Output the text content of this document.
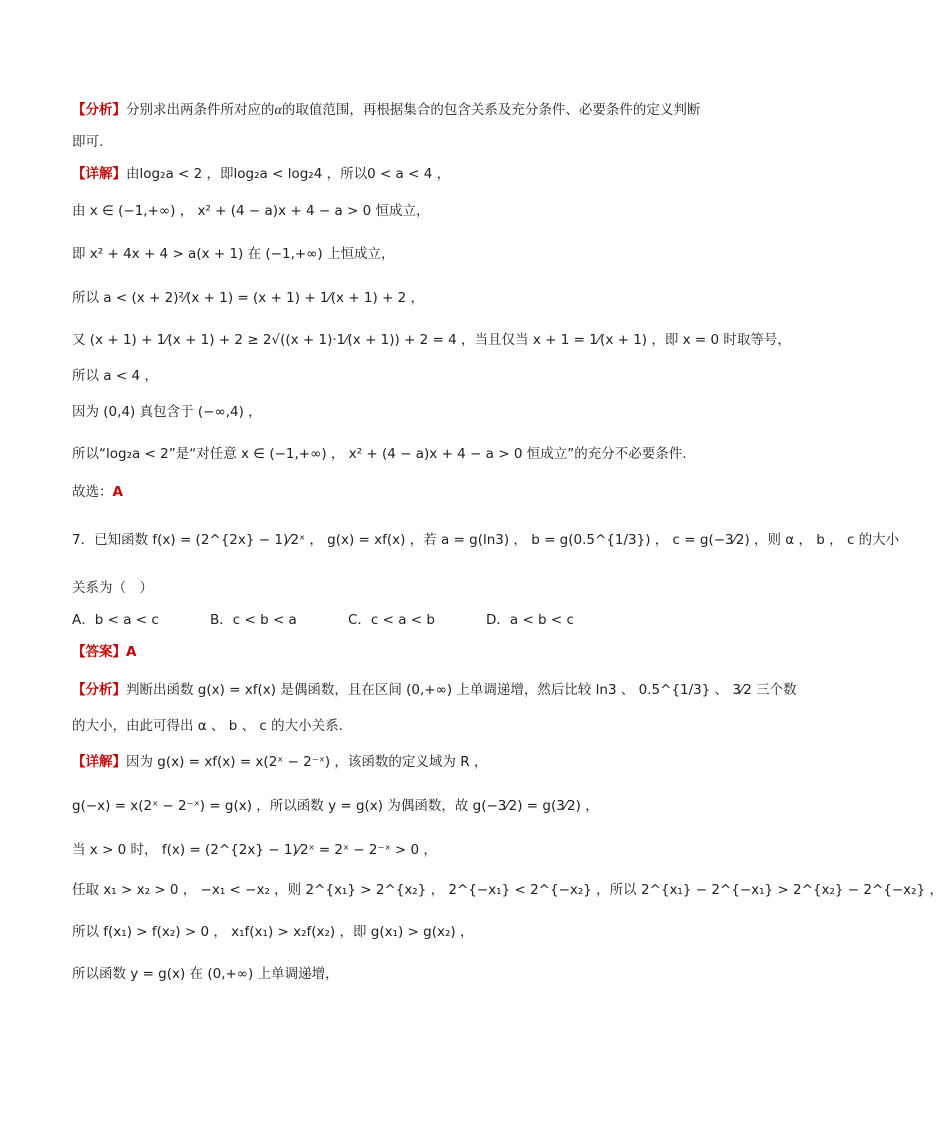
【分析】分别求出两条件所对应的α的取值范围，再根据集合的包含关系及充分条件、必要条件的定义判断
即可.
【详解】由log₂a < 2 ，即log₂a < log₂4 ，所以0 < a < 4 ，
由 x ∈ (−1,+∞) ， x² + (4 − a)x + 4 − a > 0 恒成立，
即 x² + 4x + 4 > a(x + 1) 在 (−1,+∞) 上恒成立，
所以 a < (x + 2)²⁄(x + 1) = (x + 1) + 1⁄(x + 1) + 2 ，
又 (x + 1) + 1⁄(x + 1) + 2 ≥ 2√((x + 1)·1⁄(x + 1)) + 2 = 4 ，当且仅当 x + 1 = 1⁄(x + 1) ，即 x = 0 时取等号，
所以 a < 4 ，
因为 (0,4) 真包含于 (−∞,4) ，
所以“log₂a < 2”是“对任意 x ∈ (−1,+∞) ， x² + (4 − a)x + 4 − a > 0 恒成立”的充分不必要条件.
故选：A
7．已知函数 f(x) = (2^{2x} − 1)⁄2ˣ ， g(x) = xf(x) ，若 a = g(ln3) ， b = g(0.5^{1/3}) ， c = g(−3⁄2) ，则 α ， b ， c 的大小
关系为（　）
A．b < a < c	B．c < b < a	C．c < a < b	D．a < b < c
【答案】A
【分析】判断出函数 g(x) = xf(x) 是偶函数，且在区间 (0,+∞) 上单调递增，然后比较 ln3 、 0.5^{1/3} 、 3⁄2 三个数
的大小，由此可得出 α 、 b 、 c 的大小关系.
【详解】因为 g(x) = xf(x) = x(2ˣ − 2⁻ˣ) ，该函数的定义域为 R ，
g(−x) = x(2ˣ − 2⁻ˣ) = g(x) ，所以函数 y = g(x) 为偶函数，故 g(−3⁄2) = g(3⁄2) ，
当 x > 0 时， f(x) = (2^{2x} − 1)⁄2ˣ = 2ˣ − 2⁻ˣ > 0 ，
任取 x₁ > x₂ > 0 ， −x₁ < −x₂ ，则 2^{x₁} > 2^{x₂} ， 2^{−x₁} < 2^{−x₂} ，所以 2^{x₁} − 2^{−x₁} > 2^{x₂} − 2^{−x₂} ，
所以 f(x₁) > f(x₂) > 0 ， x₁f(x₁) > x₂f(x₂) ，即 g(x₁) > g(x₂) ，
所以函数 y = g(x) 在 (0,+∞) 上单调递增，
